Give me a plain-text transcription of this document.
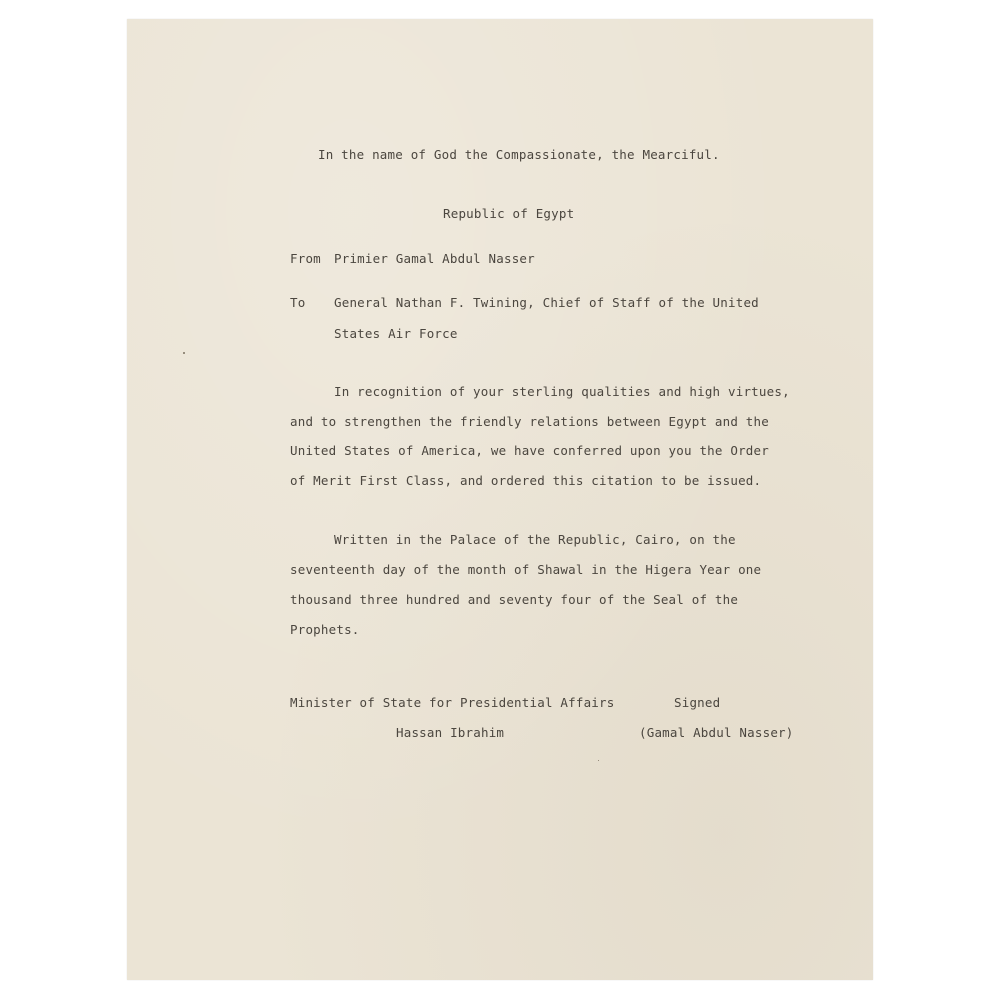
In the name of God the Compassionate, the Mearciful.
Republic of Egypt
From Primier Gamal Abdul Nasser
To General Nathan F. Twining, Chief of Staff of the United
States Air Force
In recognition of your sterling qualities and high virtues,
and to strengthen the friendly relations between Egypt and the
United States of America, we have conferred upon you the Order
of Merit First Class, and ordered this citation to be issued.
Written in the Palace of the Republic, Cairo, on the
seventeenth day of the month of Shawal in the Higera Year one
thousand three hundred and seventy four of the Seal of the
Prophets.
Minister of State for Presidential Affairs
Hassan Ibrahim
Signed
(Gamal Abdul Nasser)
